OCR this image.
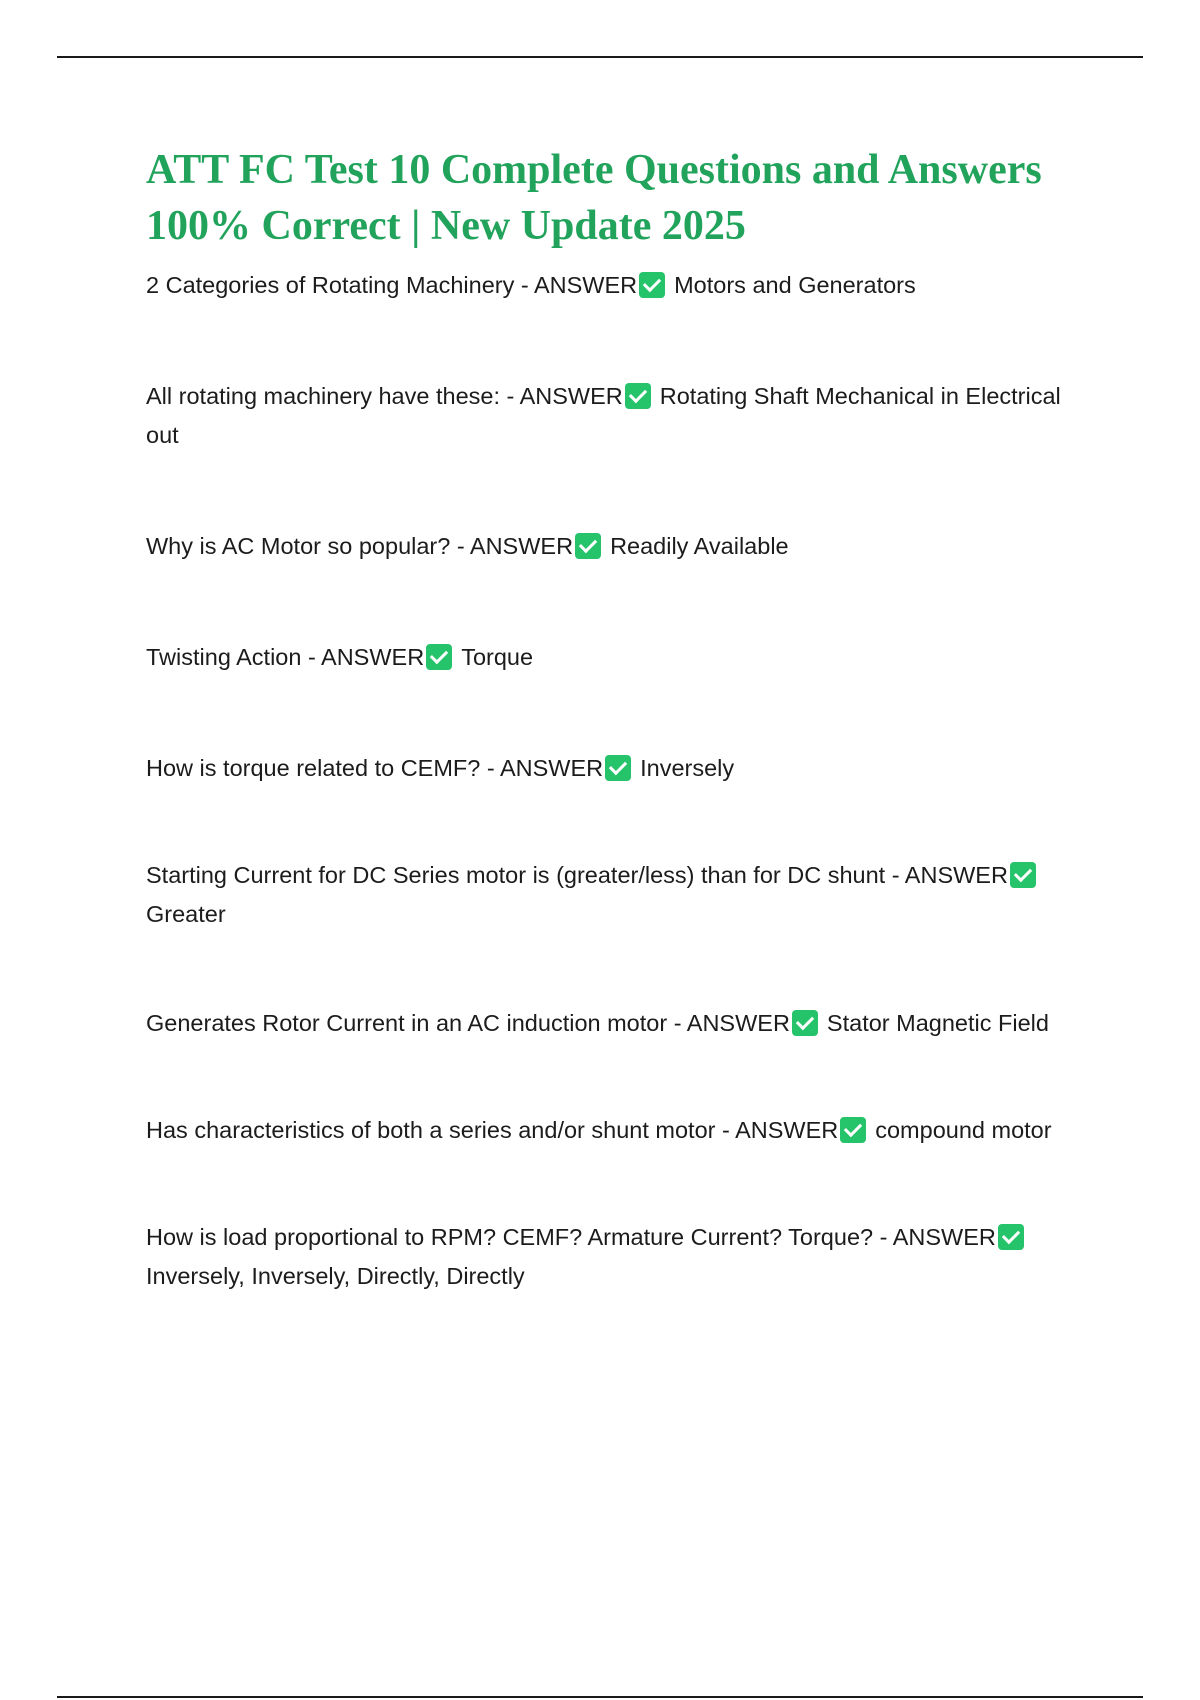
ATT FC Test 10 Complete Questions and Answers 100% Correct | New Update 2025
2 Categories of Rotating Machinery - ANSWER Motors and Generators
All rotating machinery have these: - ANSWER Rotating Shaft Mechanical in Electrical out
Why is AC Motor so popular? - ANSWER Readily Available
Twisting Action - ANSWER Torque
How is torque related to CEMF? - ANSWER Inversely
Starting Current for DC Series motor is (greater/less) than for DC shunt - ANSWERGreater
Generates Rotor Current in an AC induction motor - ANSWER Stator Magnetic Field
Has characteristics of both a series and/or shunt motor - ANSWER compound motor
How is load proportional to RPM? CEMF? Armature Current? Torque? - ANSWERInversely, Inversely, Directly, Directly
